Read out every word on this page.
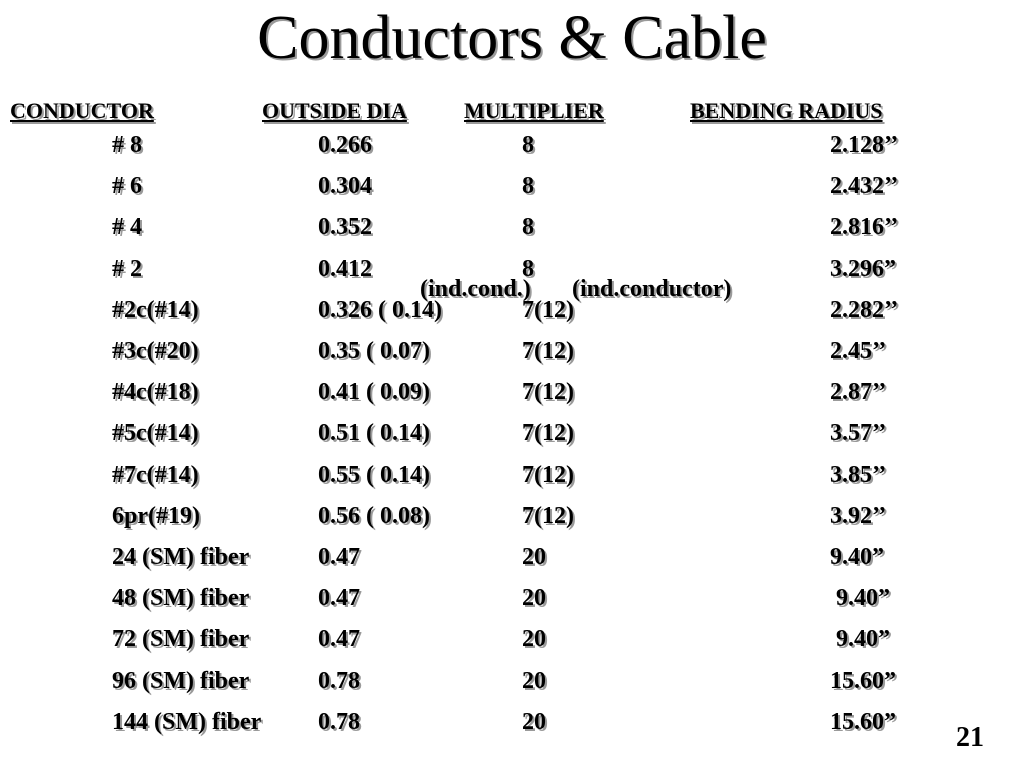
Conductors & Cable
CONDUCTOR	OUTSIDE DIA	MULTIPLIER	BENDING RADIUS
(ind.cond.) (ind.conductor)
# 8	0.266	8	2.128’’
# 6	0.304	8	2.432’’
# 4	0.352	8	2.816’’
# 2	0.412	8	3.296”
#2c(#14)	0.326 ( 0.14)	7(12)	2.282’’
#3c(#20)	0.35 ( 0.07)	7(12)	2.45’’
#4c(#18)	0.41 ( 0.09)	7(12)	2.87’’
#5c(#14)	0.51 ( 0.14)	7(12)	3.57’’
#7c(#14)	0.55 ( 0.14)	7(12)	3.85’’
6pr(#19)	0.56 ( 0.08)	7(12)	3.92’’
24 (SM) fiber	0.47	20	9.40”
48 (SM) fiber	0.47	20	9.40”
72 (SM) fiber	0.47	20	9.40”
96 (SM) fiber	0.78	20	15.60”
144 (SM) fiber 0.78	20	15.60”
21
